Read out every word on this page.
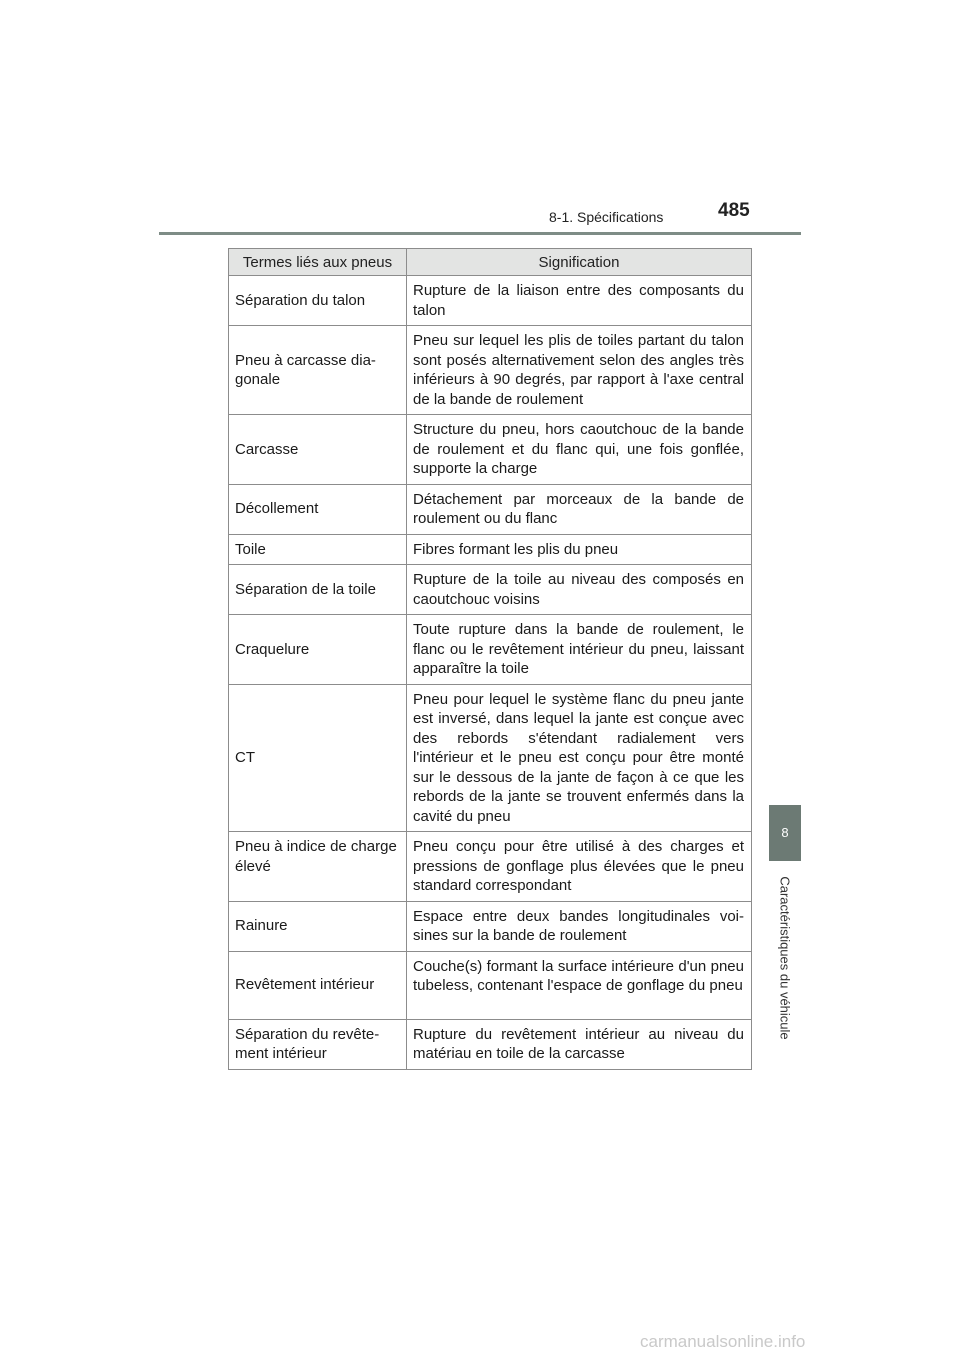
8-1. Spécifications	485
8
Caractéristiques du véhicule
Termes liés aux pneus	Signification
Séparation du talon	Rupture de la liaison entre des composants du talon
Pneu à carcasse diagonale	Pneu sur lequel les plis de toiles partant du talon sont posés alternativement selon des angles très inférieurs à 90 degrés, par rapport à l'axe central de la bande de roulement
Carcasse	Structure du pneu, hors caoutchouc de la bande de roulement et du flanc qui, une fois gonflée, supporte la charge
Décollement	Détachement par morceaux de la bande de roulement ou du flanc
Toile	Fibres formant les plis du pneu
Séparation de la toile	Rupture de la toile au niveau des composés en caoutchouc voisins
Craquelure	Toute rupture dans la bande de roulement, le flanc ou le revêtement intérieur du pneu, laissant apparaître la toile
CT	Pneu pour lequel le système flanc du pneu jante est inversé, dans lequel la jante est conçue avec des rebords s'étendant radialement vers l'intérieur et le pneu est conçu pour être monté sur le dessous de la jante de façon à ce que les rebords de la jante se trouvent enfermés dans la cavité du pneu
Pneu à indice de charge élevé	Pneu conçu pour être utilisé à des charges et pressions de gonflage plus élevées que le pneu standard correspondant
Rainure	Espace entre deux bandes longitudinales voisines sur la bande de roulement
Revêtement intérieur	Couche(s) formant la surface intérieure d'un pneu tubeless, contenant l'espace de gonflage du pneu
Séparation du revêtement intérieur	Rupture du revêtement intérieur au niveau du matériau en toile de la carcasse
carmanualsonline.info
